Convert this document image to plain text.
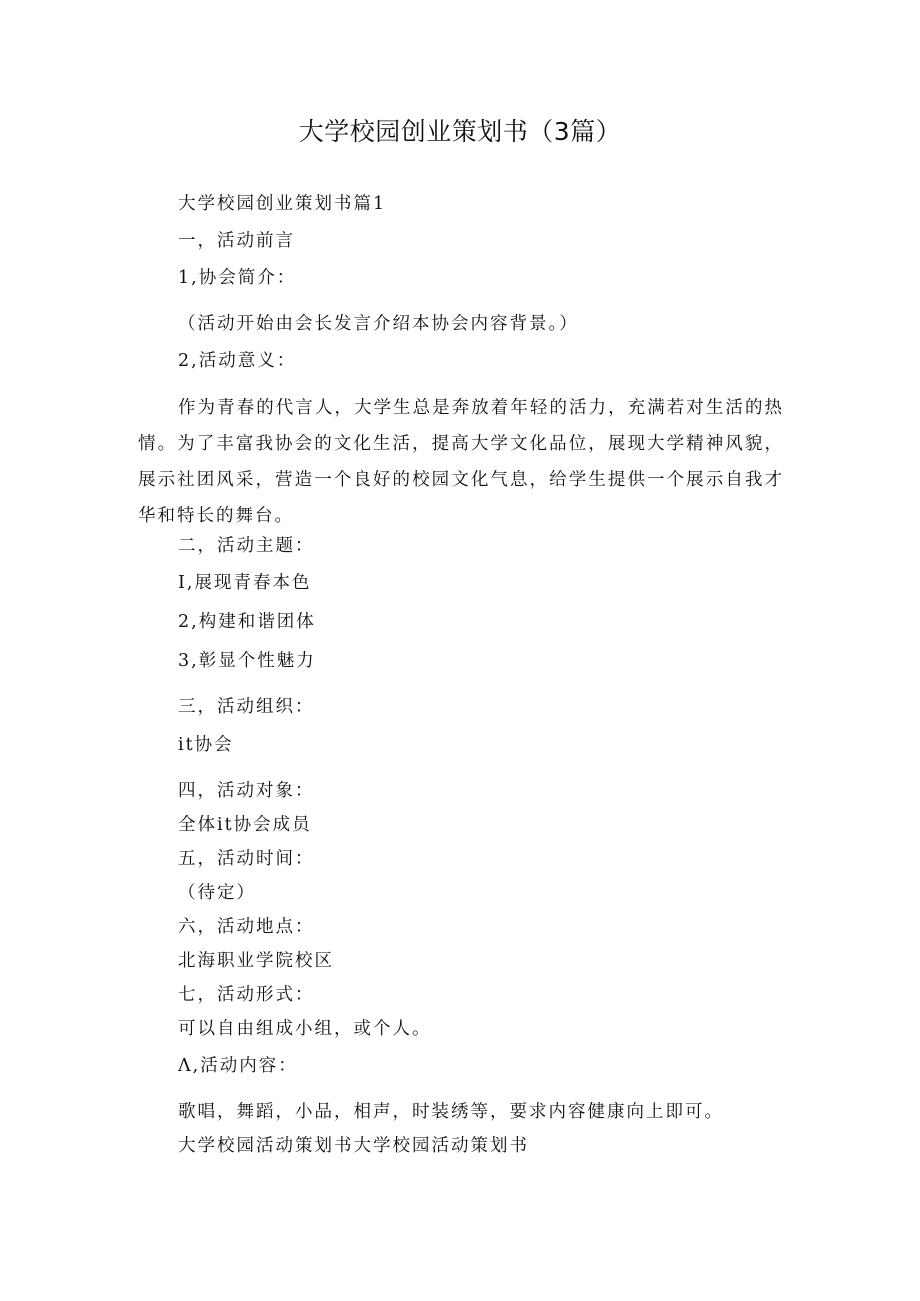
大学校园创业策划书（3篇）

大学校园创业策划书篇1

一，活动前言

1,协会简介：

（活动开始由会长发言介绍本协会内容背景。）

2,活动意义：

作为青春的代言人，大学生总是奔放着年轻的活力，充满若对生活的热情。为了丰富我协会的文化生活，提高大学文化品位，展现大学精神风貌，展示社团风采，营造一个良好的校园文化气息，给学生提供一个展示自我才华和特长的舞台。

二，活动主题：

I,展现青春本色

2,构建和谐团体

3,彰显个性魅力

三，活动组织：

it协会

四，活动对象：

全体it协会成员

五，活动时间：

（待定）

六，活动地点：

北海职业学院校区

七，活动形式：

可以自由组成小组，或个人。

Λ,活动内容：

歌唱，舞蹈，小品，相声，时装绣等，要求内容健康向上即可。

大学校园活动策划书大学校园活动策划书
